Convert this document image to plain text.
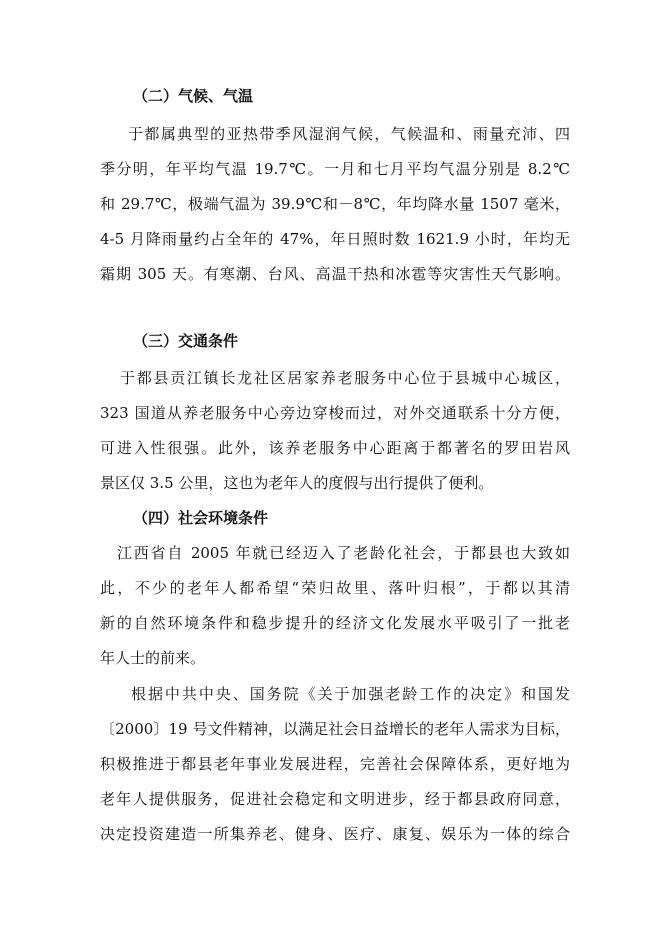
（二）气候、气温
于都属典型的亚热带季风湿润气候，气候温和、雨量充沛、四
季分明，年平均气温 19.7℃。一月和七月平均气温分别是 8.2℃
和 29.7℃，极端气温为 39.9℃和－8℃，年均降水量 1507 毫米，
4-5 月降雨量约占全年的 47%，年日照时数 1621.9 小时，年均无
霜期 305 天。有寒潮、台风、高温干热和冰雹等灾害性天气影响。
（三）交通条件
于都县贡江镇长龙社区居家养老服务中心位于县城中心城区，
323 国道从养老服务中心旁边穿梭而过，对外交通联系十分方便，
可进入性很强。此外，该养老服务中心距离于都著名的罗田岩风
景区仅 3.5 公里，这也为老年人的度假与出行提供了便利。
（四）社会环境条件
江西省自 2005 年就已经迈入了老龄化社会，于都县也大致如
此，不少的老年人都希望“荣归故里、落叶归根”，于都以其清
新的自然环境条件和稳步提升的经济文化发展水平吸引了一批老
年人士的前来。
根据中共中央、国务院《关于加强老龄工作的决定》和国发
〔2000〕19 号文件精神，以满足社会日益增长的老年人需求为目标，
积极推进于都县老年事业发展进程，完善社会保障体系，更好地为
老年人提供服务，促进社会稳定和文明进步，经于都县政府同意，
决定投资建造一所集养老、健身、医疗、康复、娱乐为一体的综合
